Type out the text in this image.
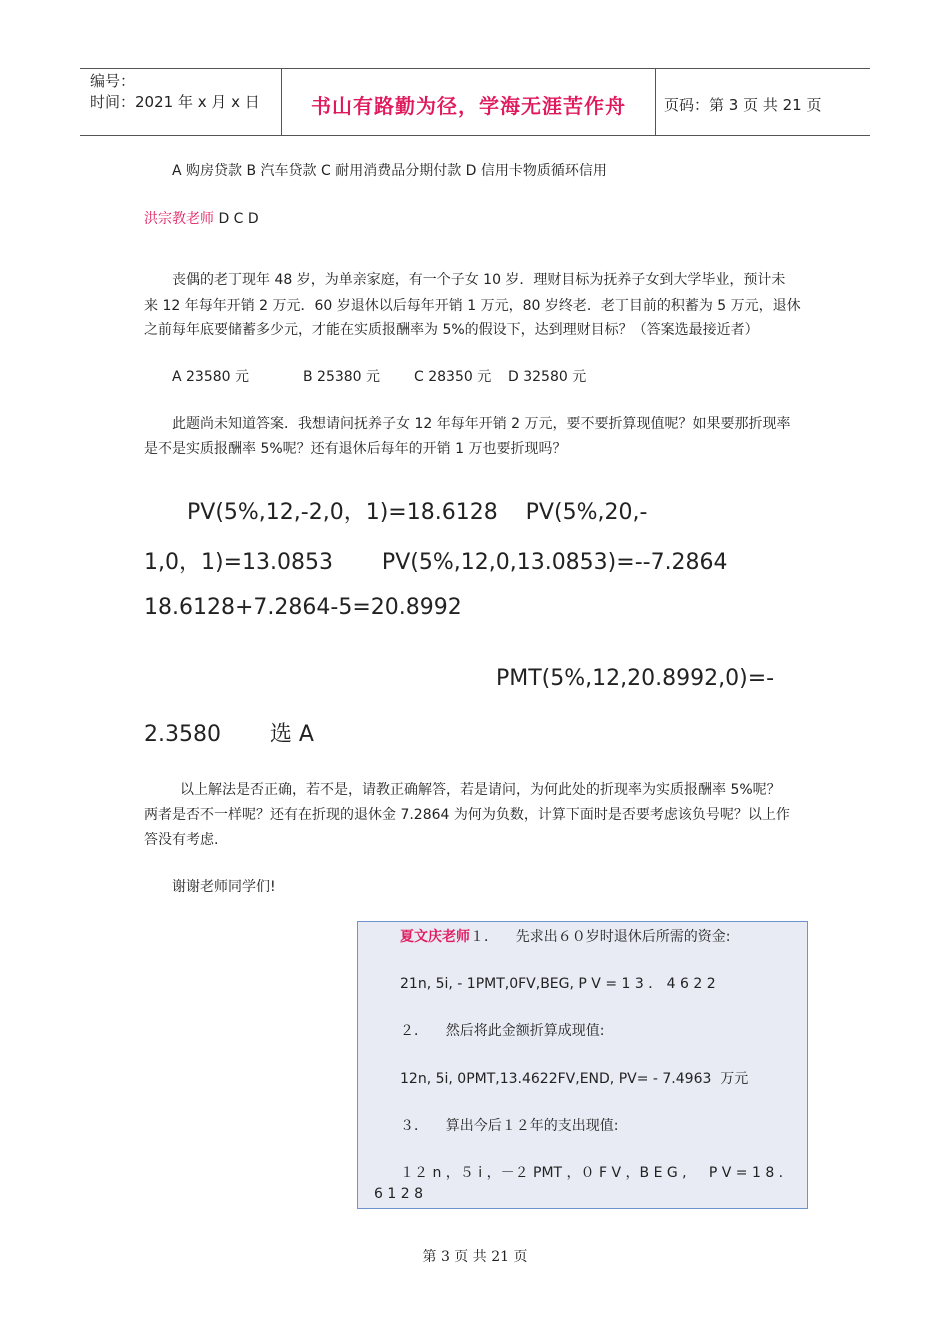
编号：
时间：2021 年 x 月 x 日	书山有路勤为径，学海无涯苦作舟	页码：第 3 页 共 21 页
A 购房贷款 B 汽车贷款 C 耐用消费品分期付款 D 信用卡物质循环信用
洪宗教老师 D C D
丧偶的老丁现年 48 岁，为单亲家庭，有一个子女 10 岁．理财目标为抚养子女到大学毕业，预计未
来 12 年每年开销 2 万元．60 岁退休以后每年开销 1 万元，80 岁终老．老丁目前的积蓄为 5 万元，退休
之前每年底要储蓄多少元，才能在实质报酬率为 5%的假设下，达到理财目标？（答案选最接近者）
A 23580 元	B 25380 元 C 28350 元 D 32580 元
此题尚未知道答案．我想请问抚养子女 12 年每年开销 2 万元，要不要折算现值呢？如果要那折现率
是不是实质报酬率 5%呢？还有退休后每年的开销 1 万也要折现吗？
PV(5%,12,-2,0，1)=18.6128    PV(5%,20,-
1,0，1)=13.0853       PV(5%,12,0,13.0853)=--7.2864
18.6128+7.2864-5=20.8992
PMT(5%,12,20.8992,0)=-
2.3580       选 A
以上解法是否正确，若不是，请教正确解答，若是请问，为何此处的折现率为实质报酬率 5%呢？
两者是否不一样呢？还有在折现的退休金 7.2864 为何为负数，计算下面时是否要考虑该负号呢？以上作
答没有考虑.
谢谢老师同学们!
夏文庆老师１．    先求出６０岁时退休后所需的资金:
21n, 5i, - 1PMT,0FV,BEG, P V = 1 3 ． 4 6 2 2
２．    然后将此金额折算成现值:
12n, 5i, 0PMT,13.4622FV,END, PV= - 7.4963  万元
３．    算出今后１２年的支出现值:
１２ n ，５ i ，－２ PMT ，０ F V ，B E G ,     P V = 1 8 .
6 1 2 8
第 3 页 共 21 页
